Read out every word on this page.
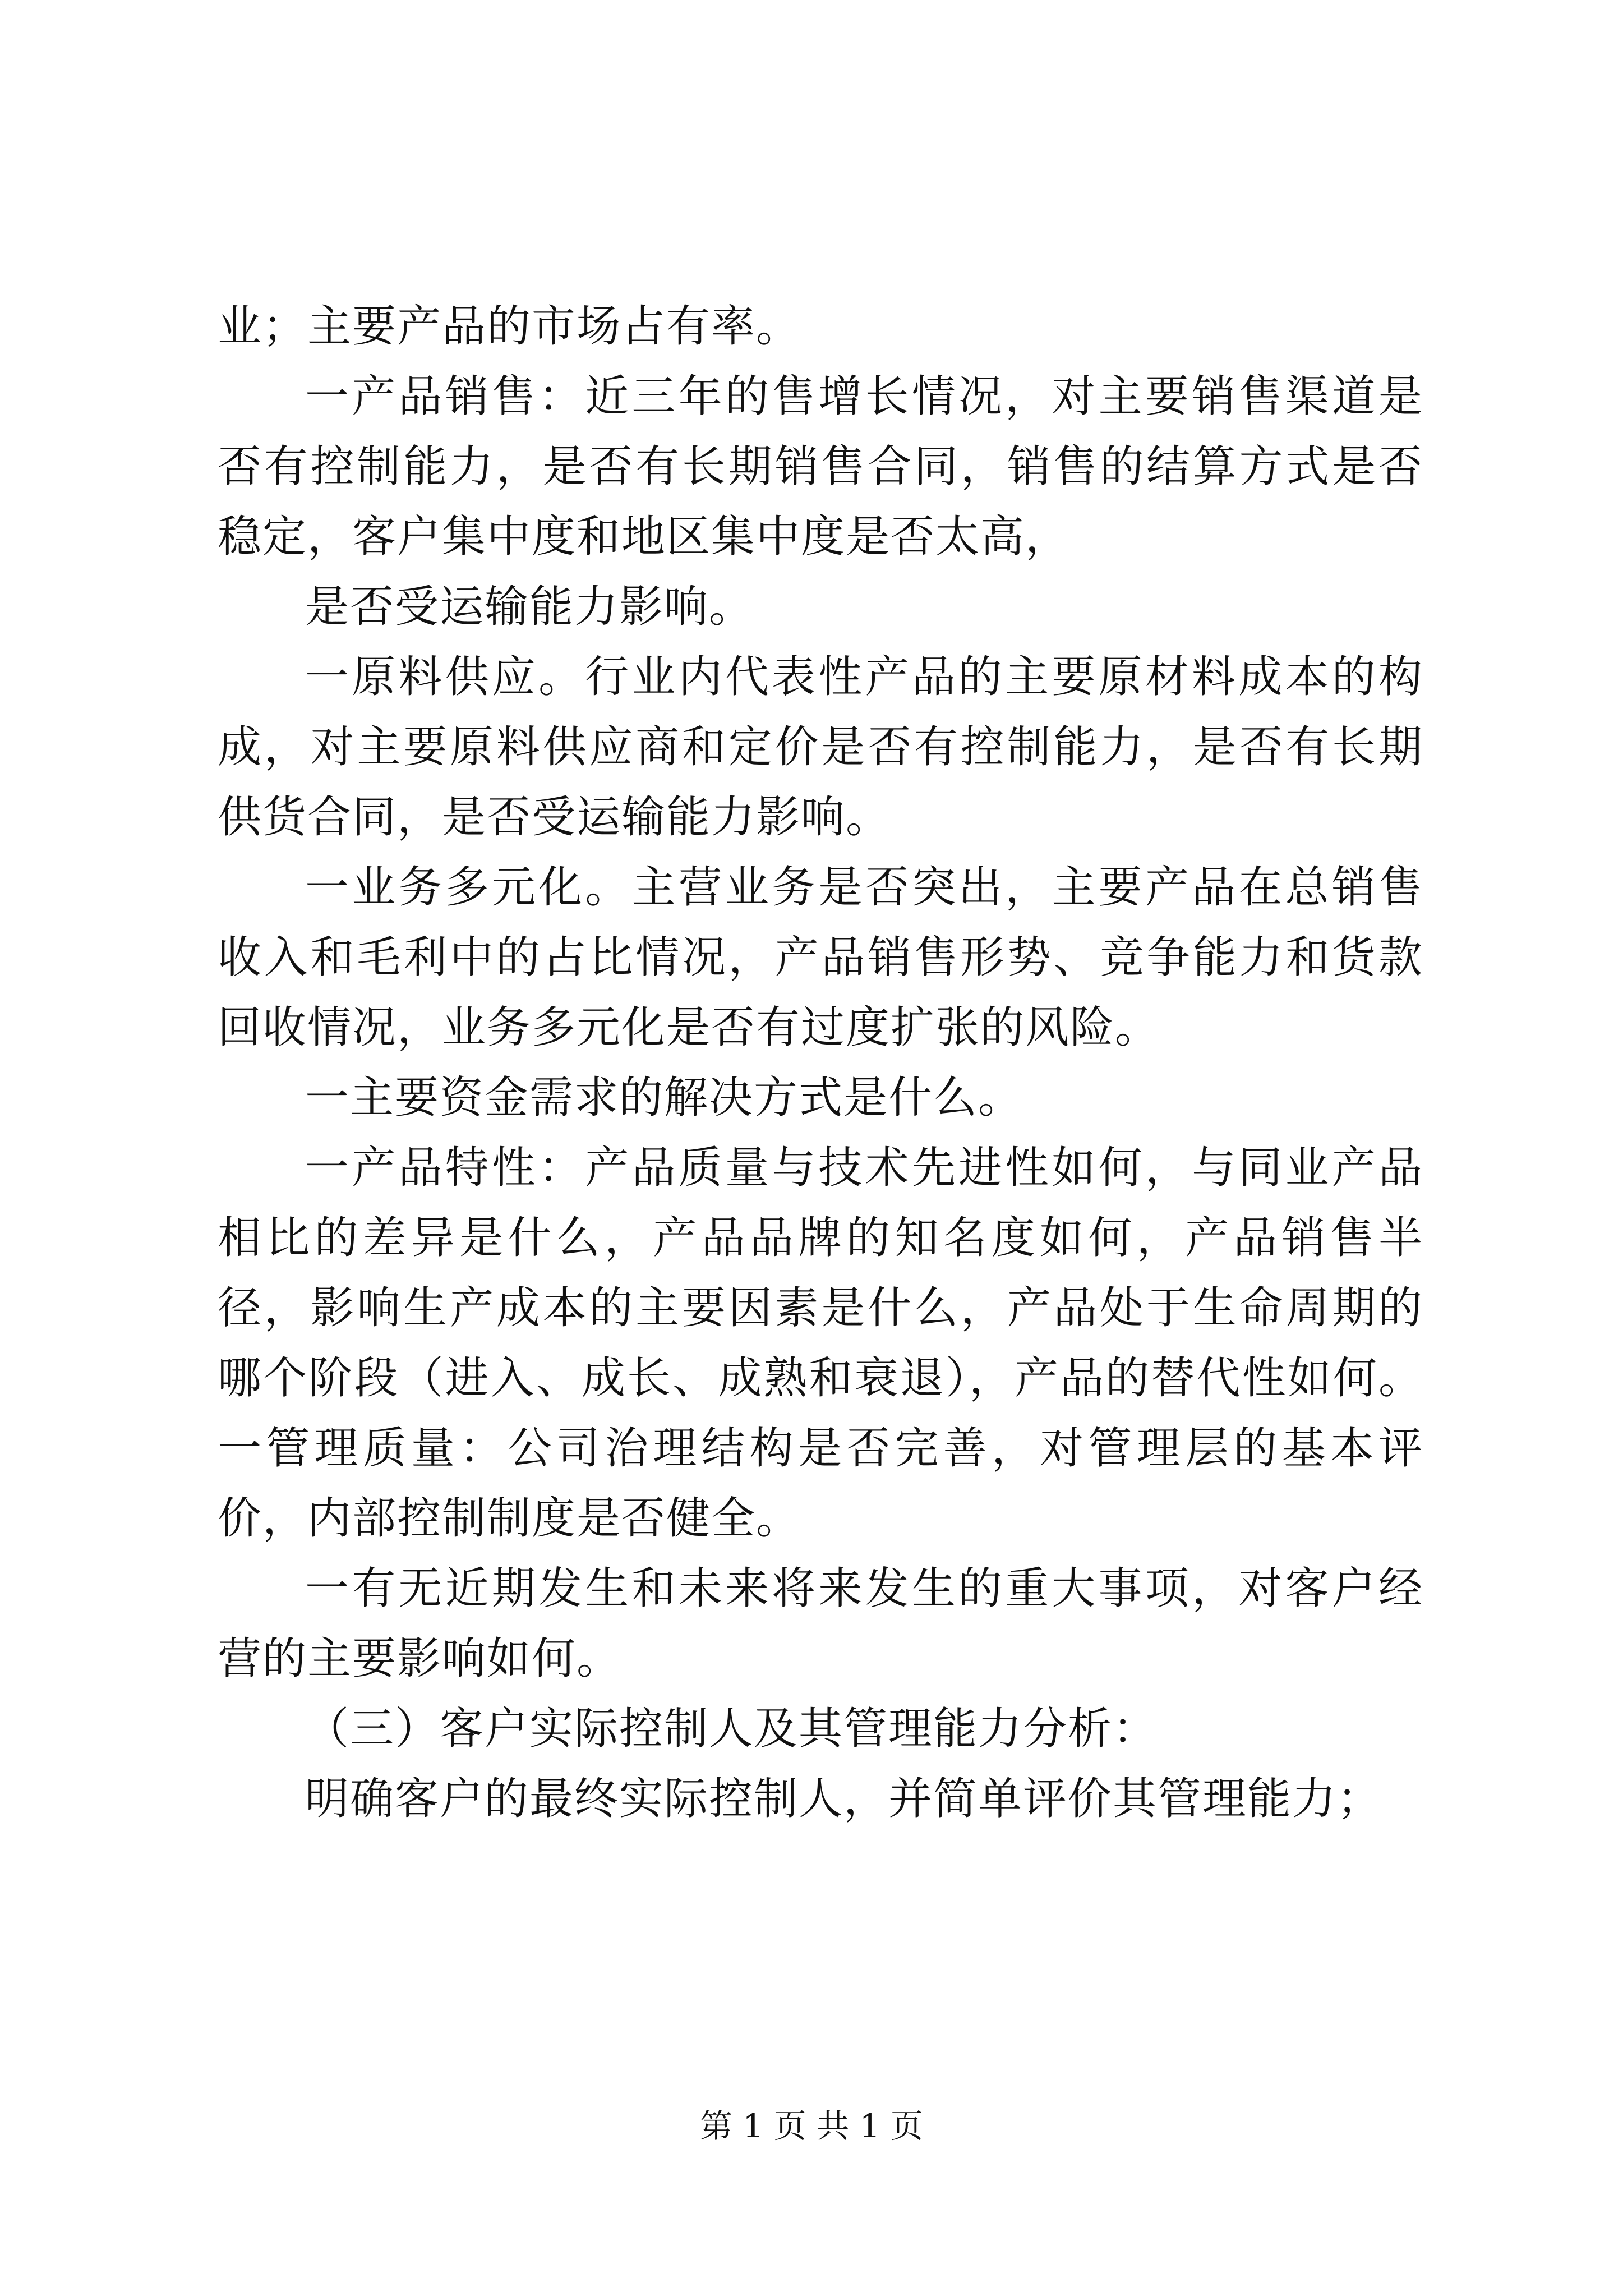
业；主要产品的市场占有率。

一产品销售：近三年的售增长情况，对主要销售渠道是否有控制能力，是否有长期销售合同，销售的结算方式是否稳定，客户集中度和地区集中度是否太高，

是否受运输能力影响。

一原料供应。行业内代表性产品的主要原材料成本的构成，对主要原料供应商和定价是否有控制能力，是否有长期供货合同，是否受运输能力影响。

一业务多元化。主营业务是否突出，主要产品在总销售收入和毛利中的占比情况，产品销售形势、竞争能力和货款回收情况，业务多元化是否有过度扩张的风险。

一主要资金需求的解决方式是什么。

一产品特性：产品质量与技术先进性如何，与同业产品相比的差异是什么，产品品牌的知名度如何，产品销售半径，影响生产成本的主要因素是什么，产品处于生命周期的哪个阶段（进入、成长、成熟和衰退），产品的替代性如何。一管理质量：公司治理结构是否完善，对管理层的基本评价，内部控制制度是否健全。

一有无近期发生和未来将来发生的重大事项，对客户经营的主要影响如何。

（三）客户实际控制人及其管理能力分析：

明确客户的最终实际控制人，并简单评价其管理能力；

第 1 页 共 1 页
